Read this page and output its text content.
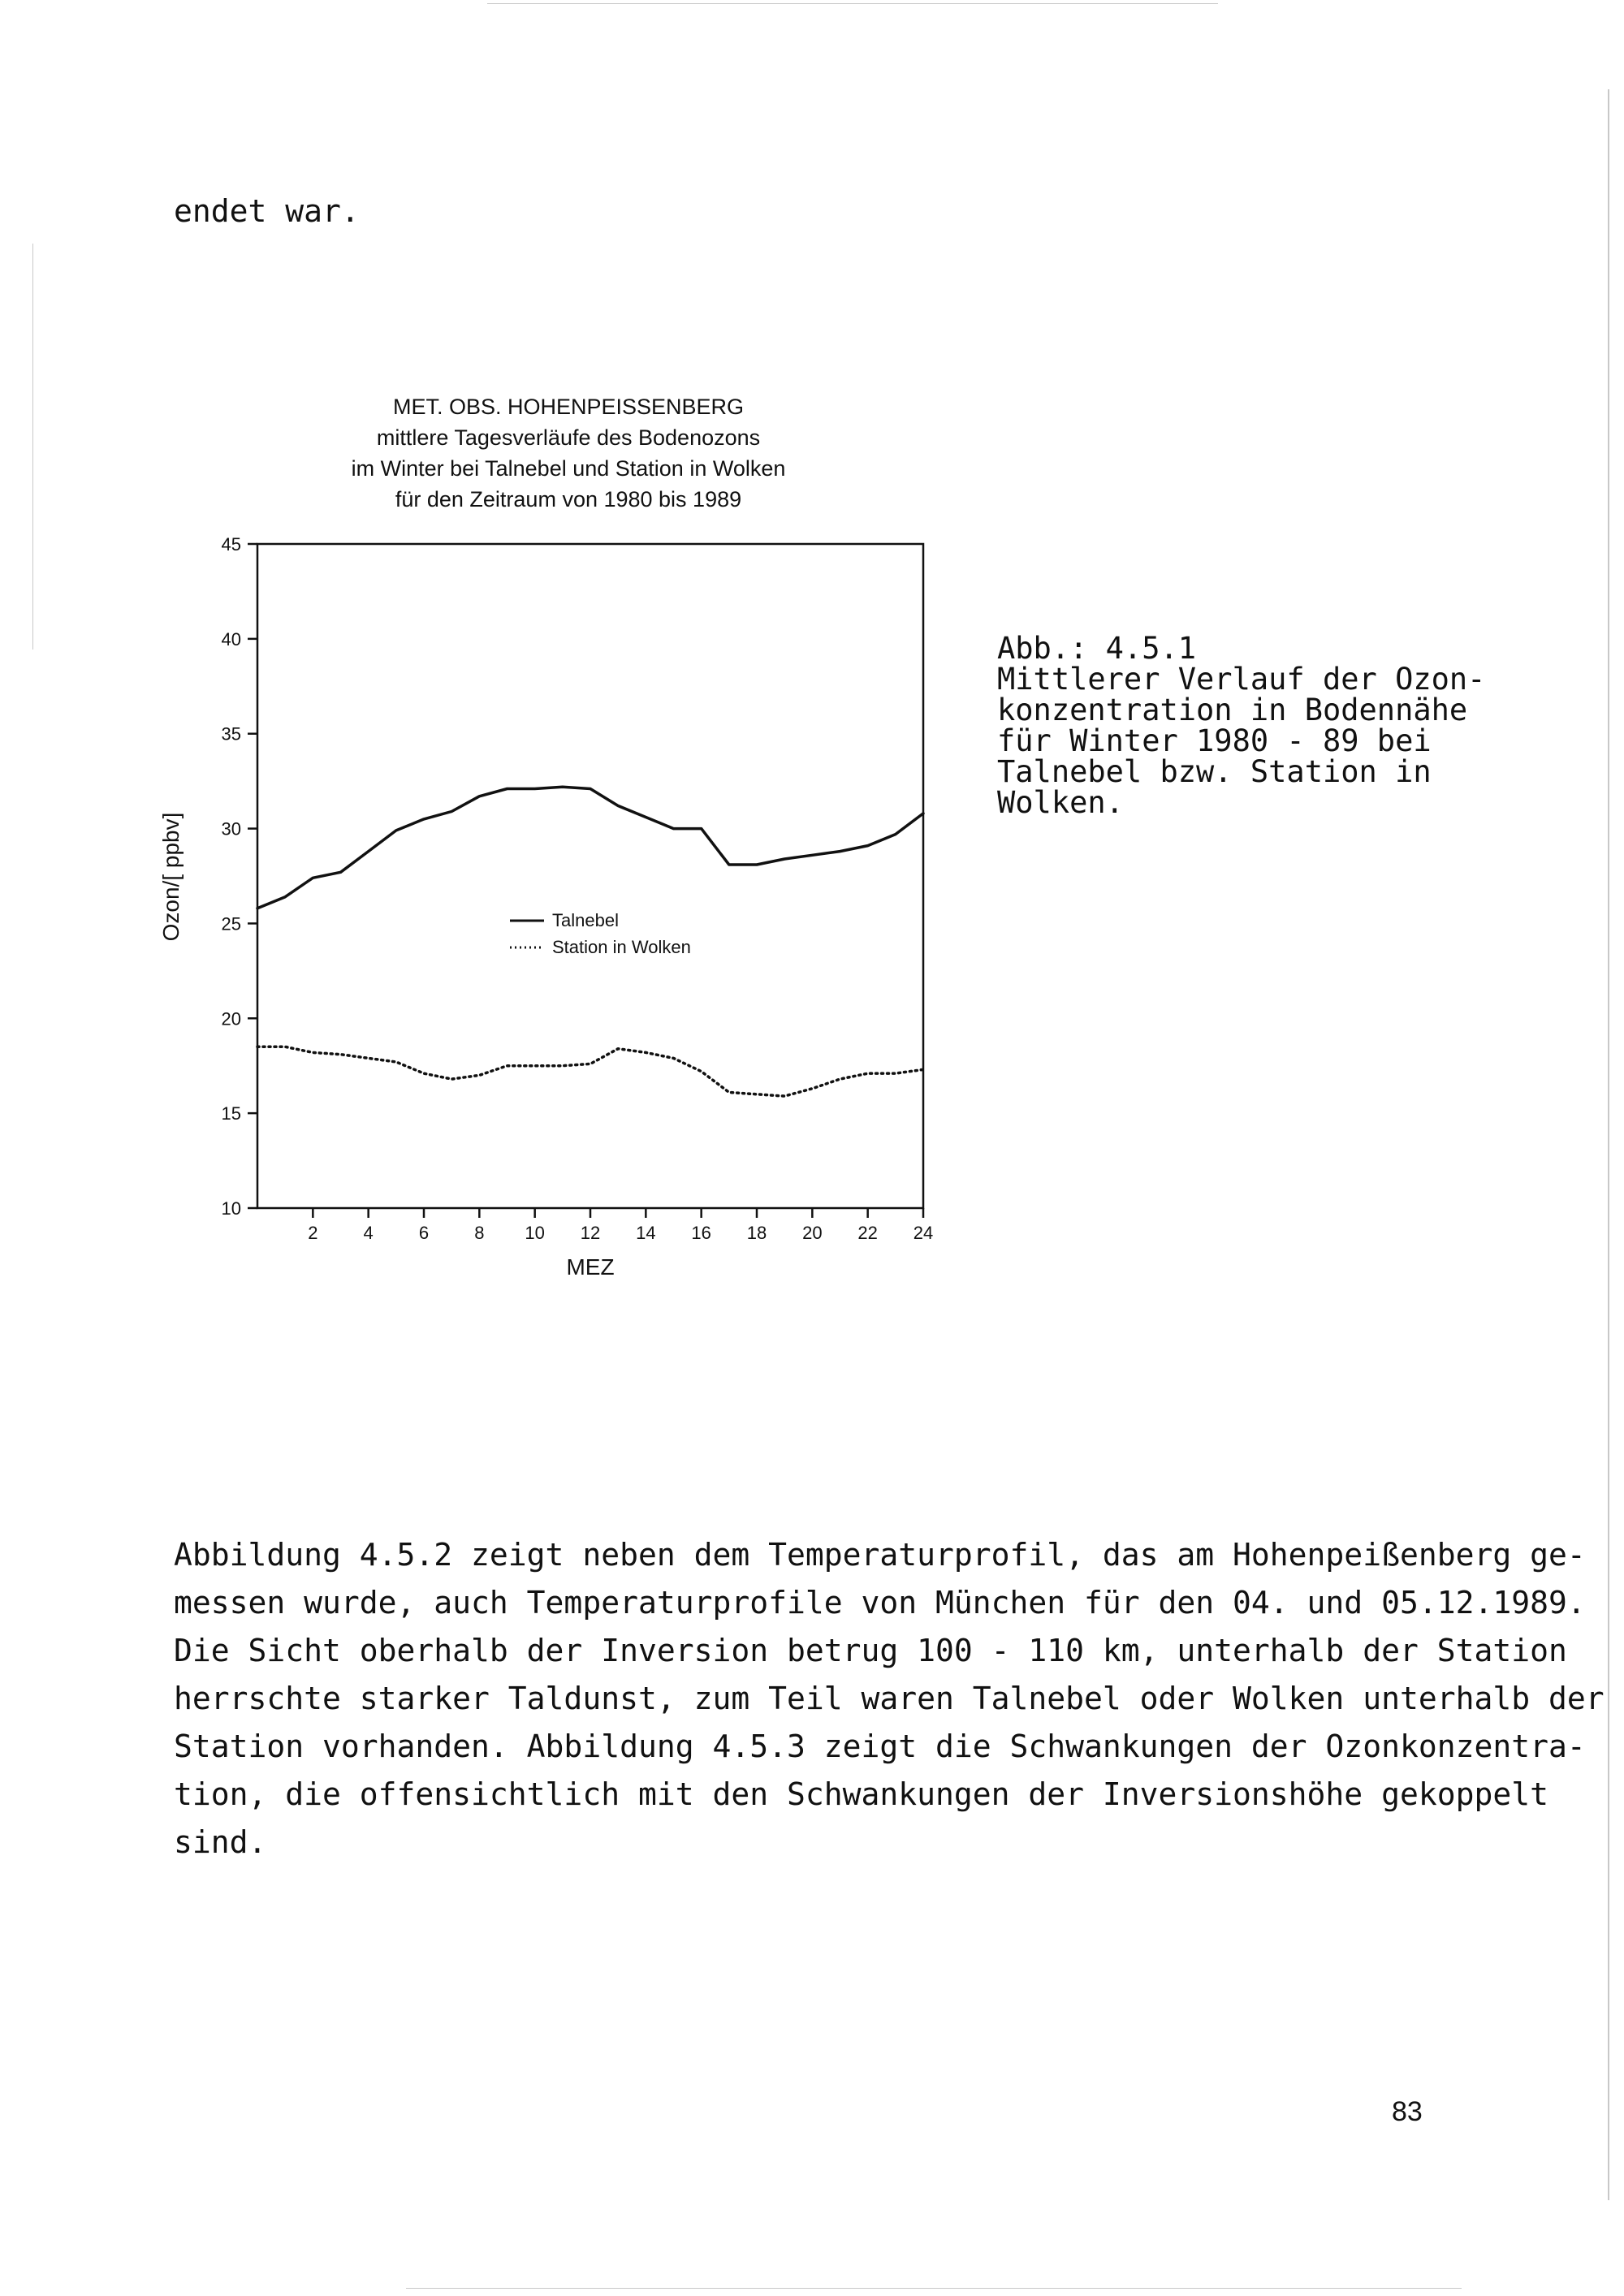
endet war.
MET. OBS. HOHENPEISSENBERG
mittlere Tagesverläufe des Bodenozons
im Winter bei Talnebel und Station in Wolken
für den Zeitraum von 1980 bis 1989
45
40
35
30
25
20
15
10
2	4	6	8 10 12 14 16 18 20 22 24
Ozon/[ ppbv]
MEZ
Talnebel
Station in Wolken
Abb.: 4.5.1
Mittlerer Verlauf der Ozon-
konzentration in Bodennähe
für Winter 1980 - 89 bei
Talnebel bzw. Station in
Wolken.
Abbildung 4.5.2 zeigt neben dem Temperaturprofil, das am Hohenpeißenberg ge-
messen wurde, auch Temperaturprofile von München für den 04. und 05.12.1989.
Die Sicht oberhalb der Inversion betrug 100 - 110 km, unterhalb der Station
herrschte starker Taldunst, zum Teil waren Talnebel oder Wolken unterhalb der
Station vorhanden. Abbildung 4.5.3 zeigt die Schwankungen der Ozonkonzentra-
tion, die offensichtlich mit den Schwankungen der Inversionshöhe gekoppelt
sind.
83
